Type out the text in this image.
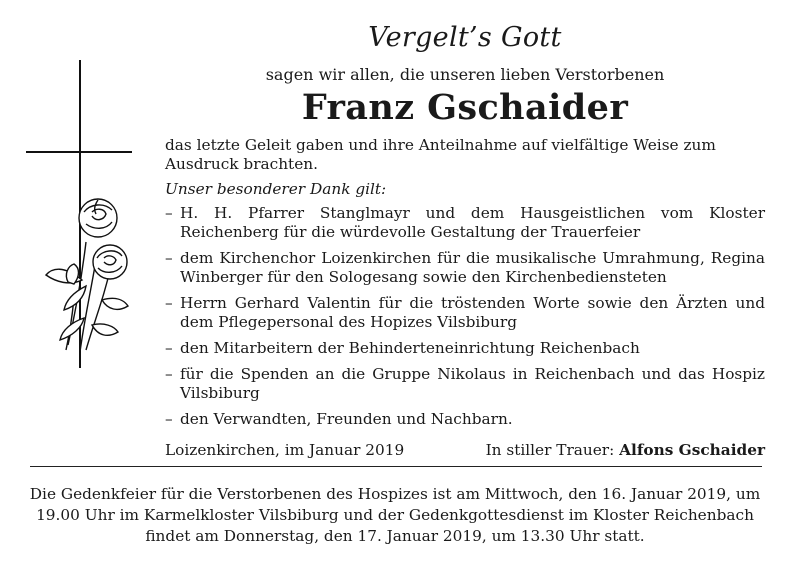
Vergelt’s Gott
sagen wir allen, die unseren lieben Verstorbenen
Franz Gschaider

das letzte Geleit gaben und ihre Anteilnahme auf vielfältige Weise zum Ausdruck brachten.

Unser besonderer Dank gilt:

– H. H. Pfarrer Stanglmayr und dem Hausgeistlichen vom Kloster Reichenberg für die würdevolle Gestaltung der Trauerfeier
– dem Kirchenchor Loizenkirchen für die musikalische Umrahmung, Regina Winberger für den Sologesang sowie den Kirchenbediensteten
– Herrn Gerhard Valentin für die tröstenden Worte sowie den Ärzten und dem Pflegepersonal des Hopizes Vilsbiburg
– den Mitarbeitern der Behinderteneinrichtung Reichenbach
– für die Spenden an die Gruppe Nikolaus in Reichenbach und das Hospiz Vilsbiburg
– den Verwandten, Freunden und Nachbarn.
Loizenkirchen, im Januar 2019	In stiller Trauer: Alfons Gschaider
Die Gedenkfeier für die Verstorbenen des Hospizes ist am Mittwoch, den 16. Januar 2019, um 19.00 Uhr im Karmelkloster Vilsbiburg und der Gedenkgottesdienst im Kloster Reichenbach findet am Donnerstag, den 17. Januar 2019, um 13.30 Uhr statt.
